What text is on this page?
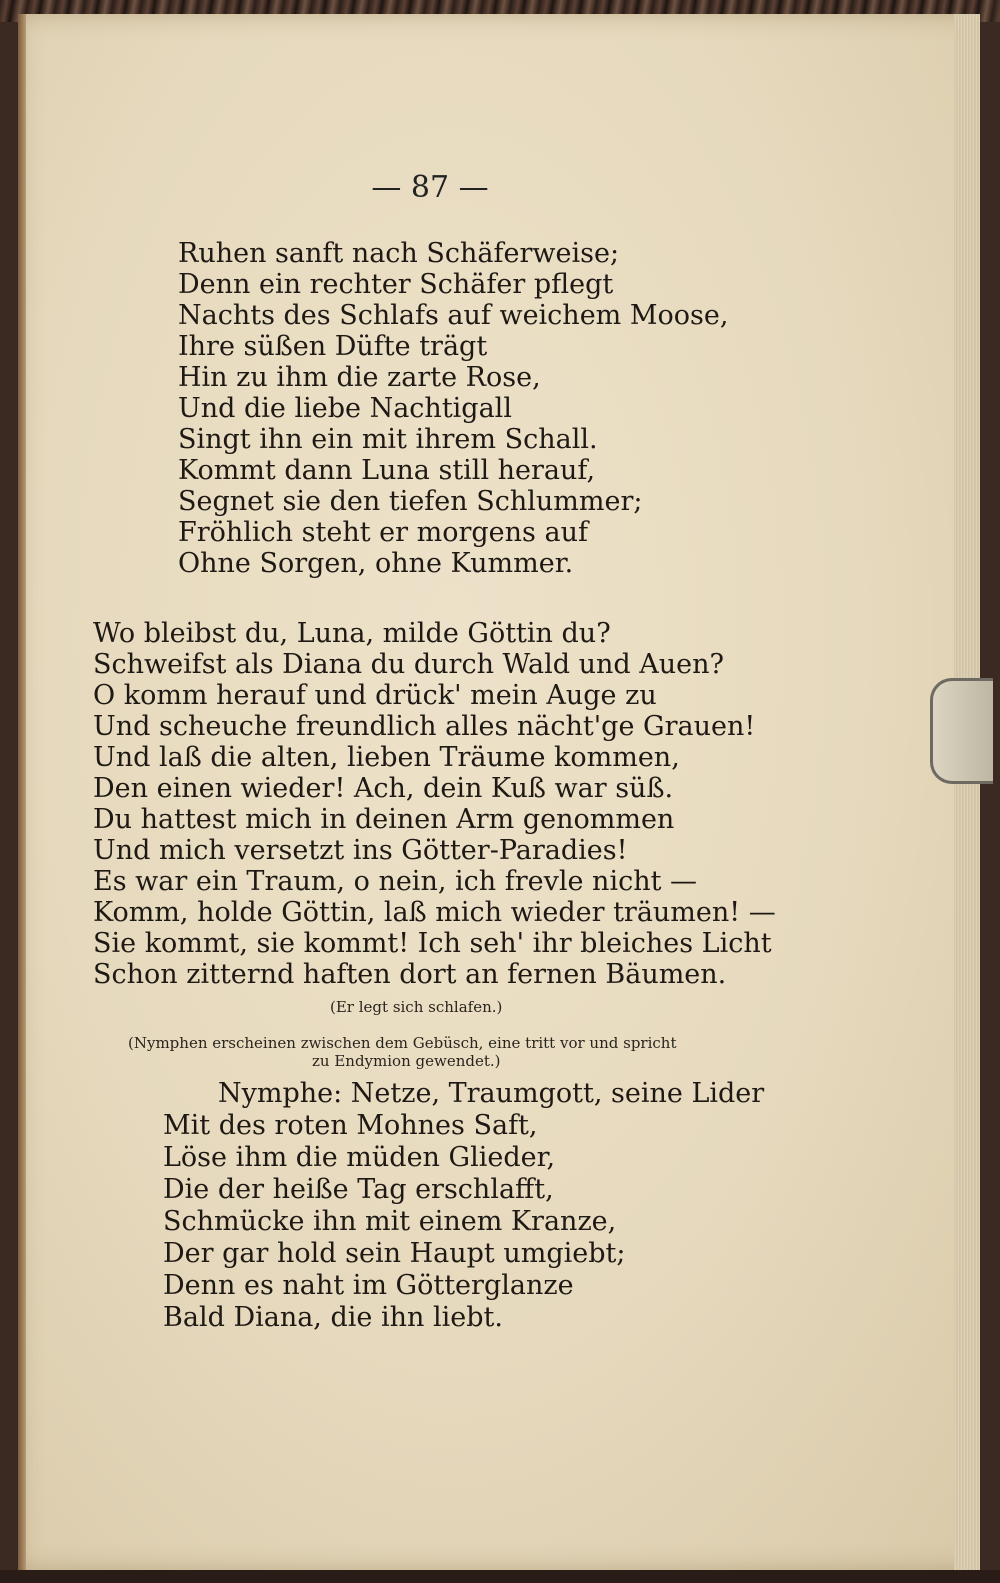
— 87 —
Ruhen sanft nach Schäferweise;
Denn ein rechter Schäfer pflegt
Nachts des Schlafs auf weichem Moose,
Ihre süßen Düfte trägt
Hin zu ihm die zarte Rose,
Und die liebe Nachtigall
Singt ihn ein mit ihrem Schall.
Kommt dann Luna still herauf,
Segnet sie den tiefen Schlummer;
Fröhlich steht er morgens auf
Ohne Sorgen, ohne Kummer.
Wo bleibst du, Luna, milde Göttin du?
Schweifst als Diana du durch Wald und Auen?
O komm herauf und drück' mein Auge zu
Und scheuche freundlich alles nächt'ge Grauen!
Und laß die alten, lieben Träume kommen,
Den einen wieder! Ach, dein Kuß war süß.
Du hattest mich in deinen Arm genommen
Und mich versetzt ins Götter-Paradies!
Es war ein Traum, o nein, ich frevle nicht —
Komm, holde Göttin, laß mich wieder träumen! —
Sie kommt, sie kommt! Ich seh' ihr bleiches Licht
Schon zitternd haften dort an fernen Bäumen.
(Er legt sich schlafen.)
(Nymphen erscheinen zwischen dem Gebüsch, eine tritt vor und spricht
zu Endymion gewendet.)
Nymphe: Netze, Traumgott, seine Lider
Mit des roten Mohnes Saft,
Löse ihm die müden Glieder,
Die der heiße Tag erschlafft,
Schmücke ihn mit einem Kranze,
Der gar hold sein Haupt umgiebt;
Denn es naht im Götterglanze
Bald Diana, die ihn liebt.
